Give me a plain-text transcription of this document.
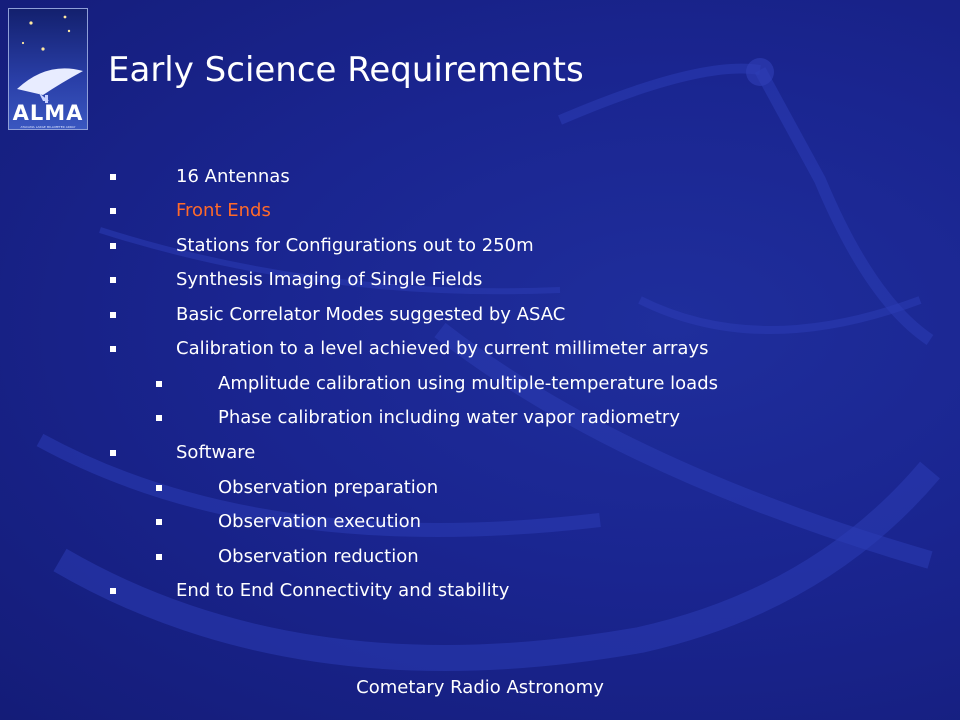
ALMA
ATACAMA LARGE MILLIMETER ARRAY
Early Science Requirements
16 Antennas
Front Ends
Stations for Configurations out to 250m
Synthesis Imaging of Single Fields
Basic Correlator Modes suggested by ASAC
Calibration to a level achieved by current millimeter arrays
Amplitude calibration using multiple-temperature loads
Phase calibration including water vapor radiometry
Software
Observation preparation
Observation execution
Observation reduction
End to End Connectivity and stability
Cometary Radio Astronomy
